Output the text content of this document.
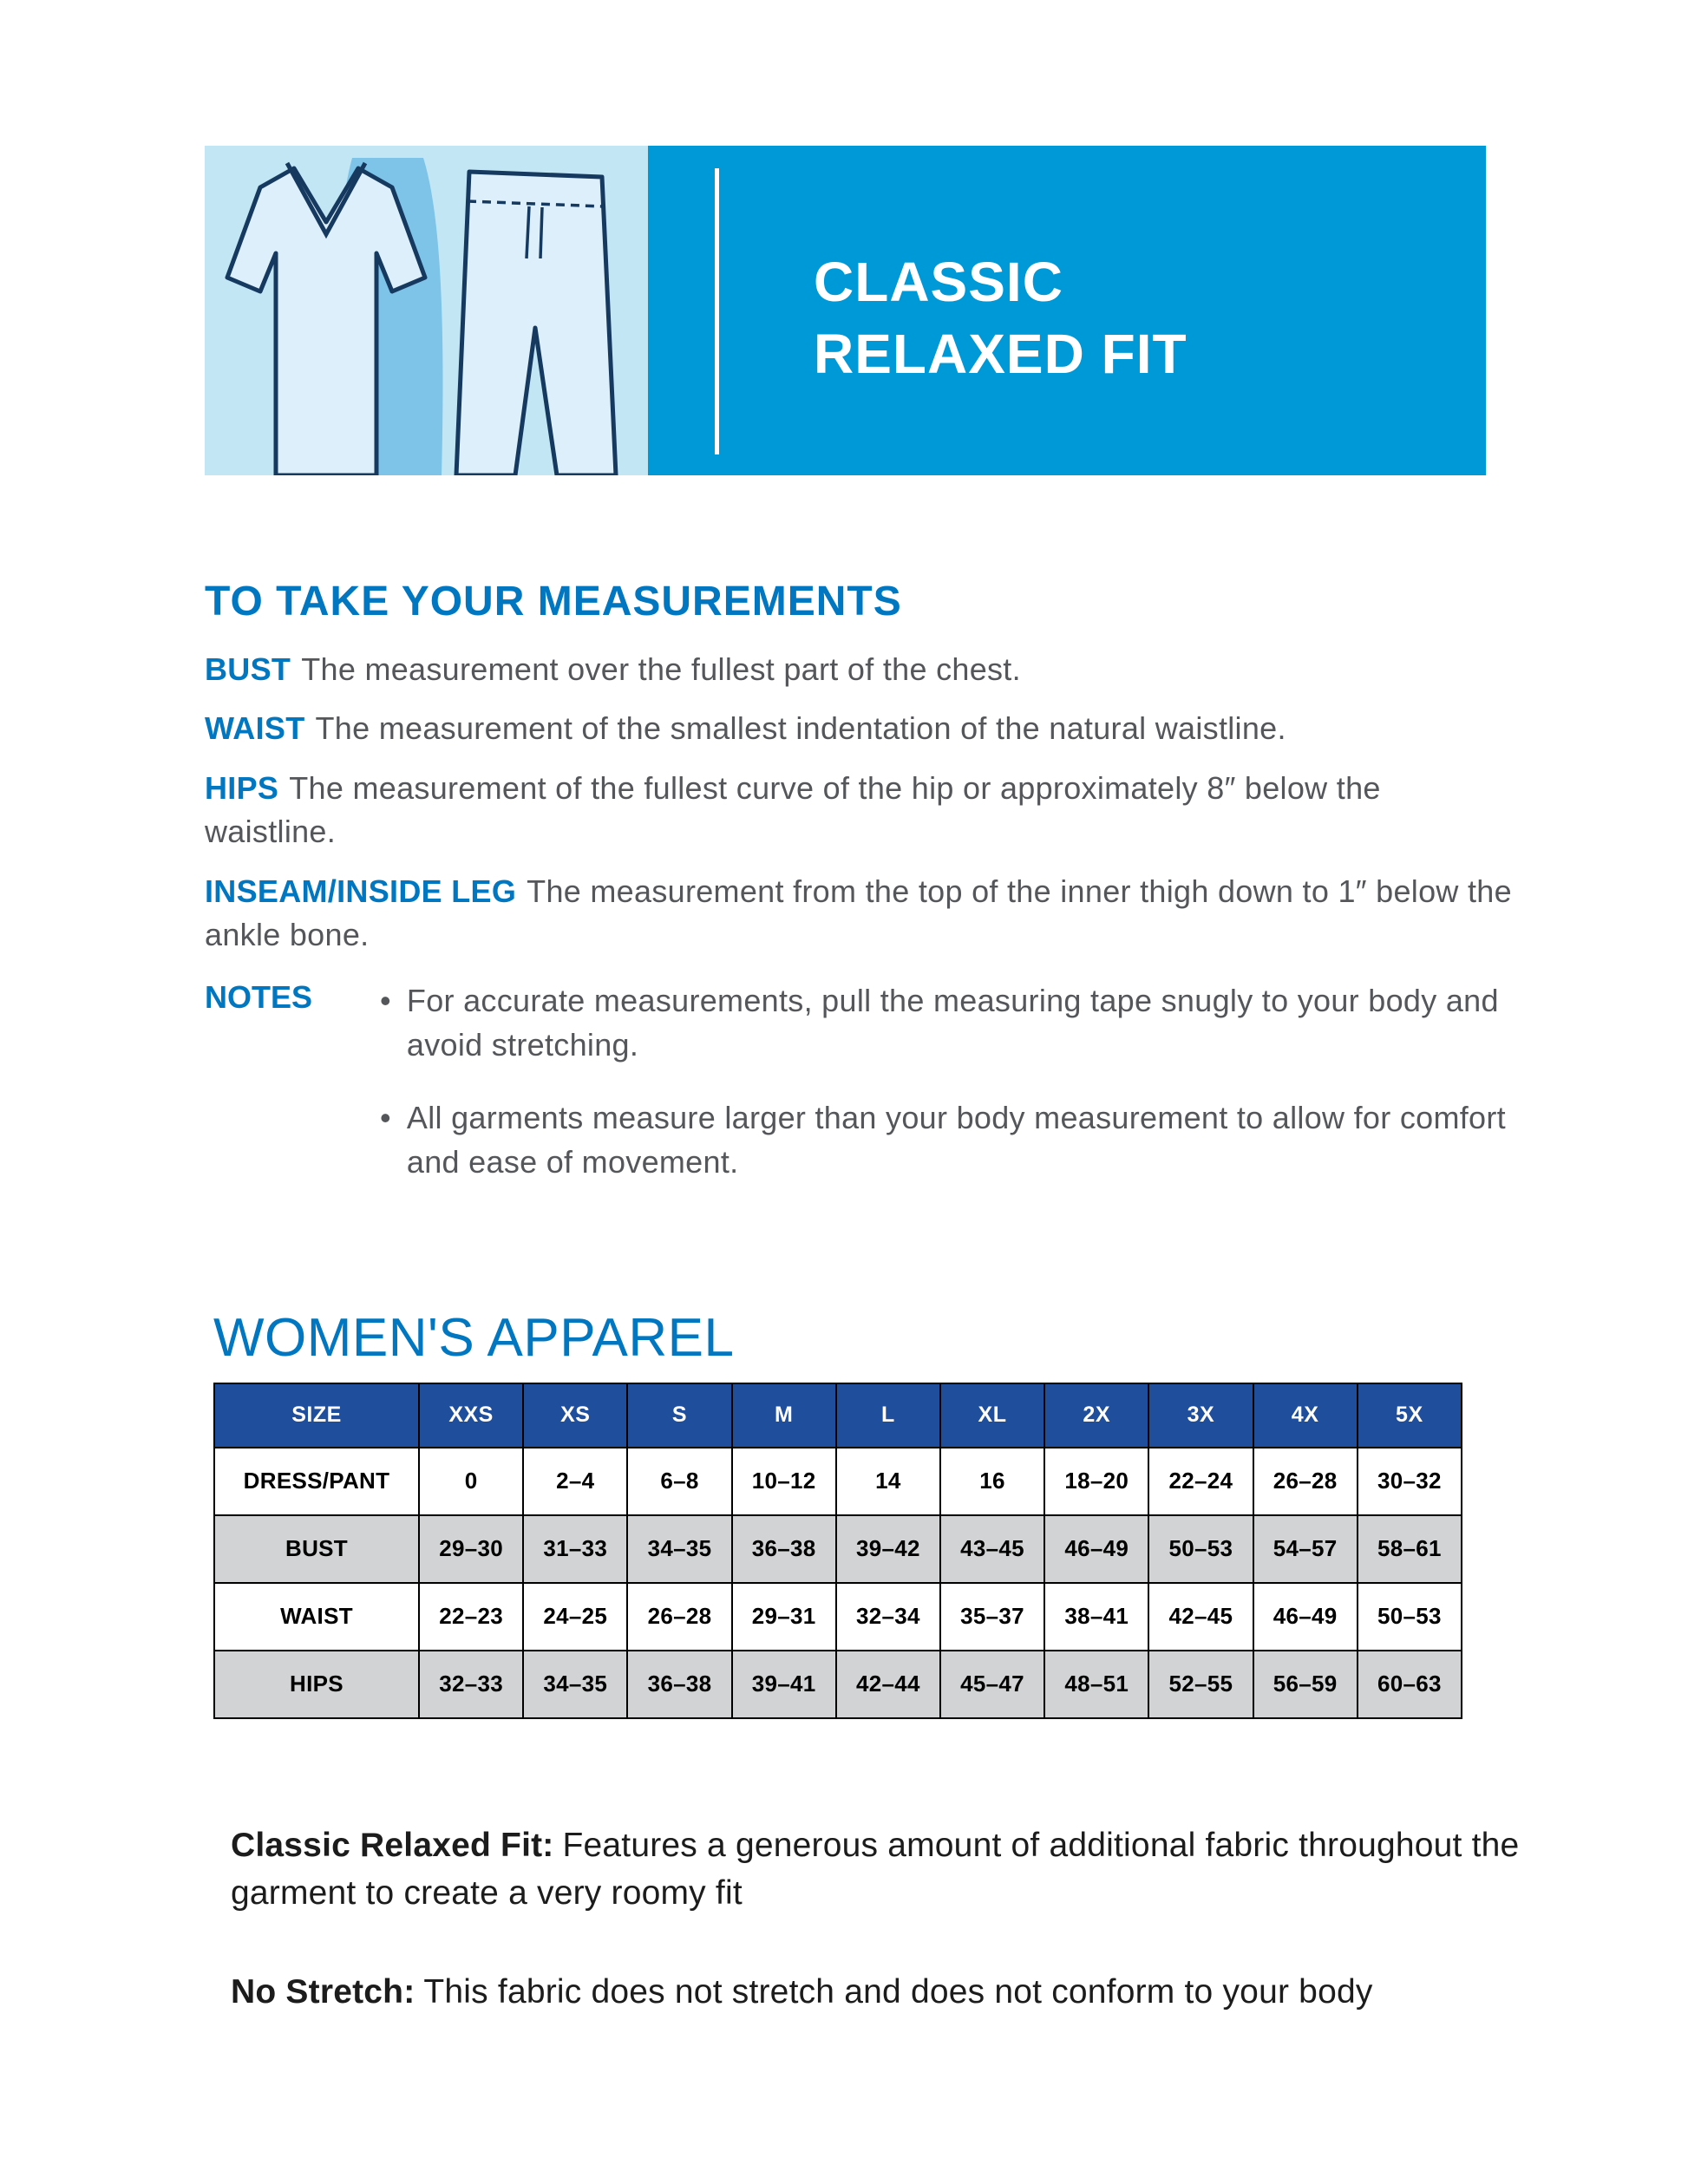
CLASSIC
RELAXED FIT
TO TAKE YOUR MEASUREMENTS

BUST The measurement over the fullest part of the chest.

WAIST The measurement of the smallest indentation of the natural waistline.

HIPS The measurement of the fullest curve of the hip or approximately 8″ below the waistline.

INSEAM/INSIDE LEG The measurement from the top of the inner thigh down to 1″ below the ankle bone.

NOTES	• For accurate measurements, pull the measuring tape snugly to your body and avoid stretching.

• All garments measure larger than your body measurement to allow for comfort and ease of movement.

WOMEN'S APPAREL
SIZE	XXS	XS	S	M	L	XL	2X	3X	4X	5X
DRESS/PANT	0	2–4	6–8	10–12	14	16	18–20	22–24	26–28	30–32
BUST	29–30	31–33	34–35	36–38	39–42	43–45	46–49	50–53	54–57	58–61
WAIST	22–23	24–25	26–28	29–31	32–34	35–37	38–41	42–45	46–49	50–53
HIPS	32–33	34–35	36–38	39–41	42–44	45–47	48–51	52–55	56–59	60–63

Classic Relaxed Fit: Features a generous amount of additional fabric throughout the garment to create a very roomy fit

No Stretch: This fabric does not stretch and does not conform to your body
